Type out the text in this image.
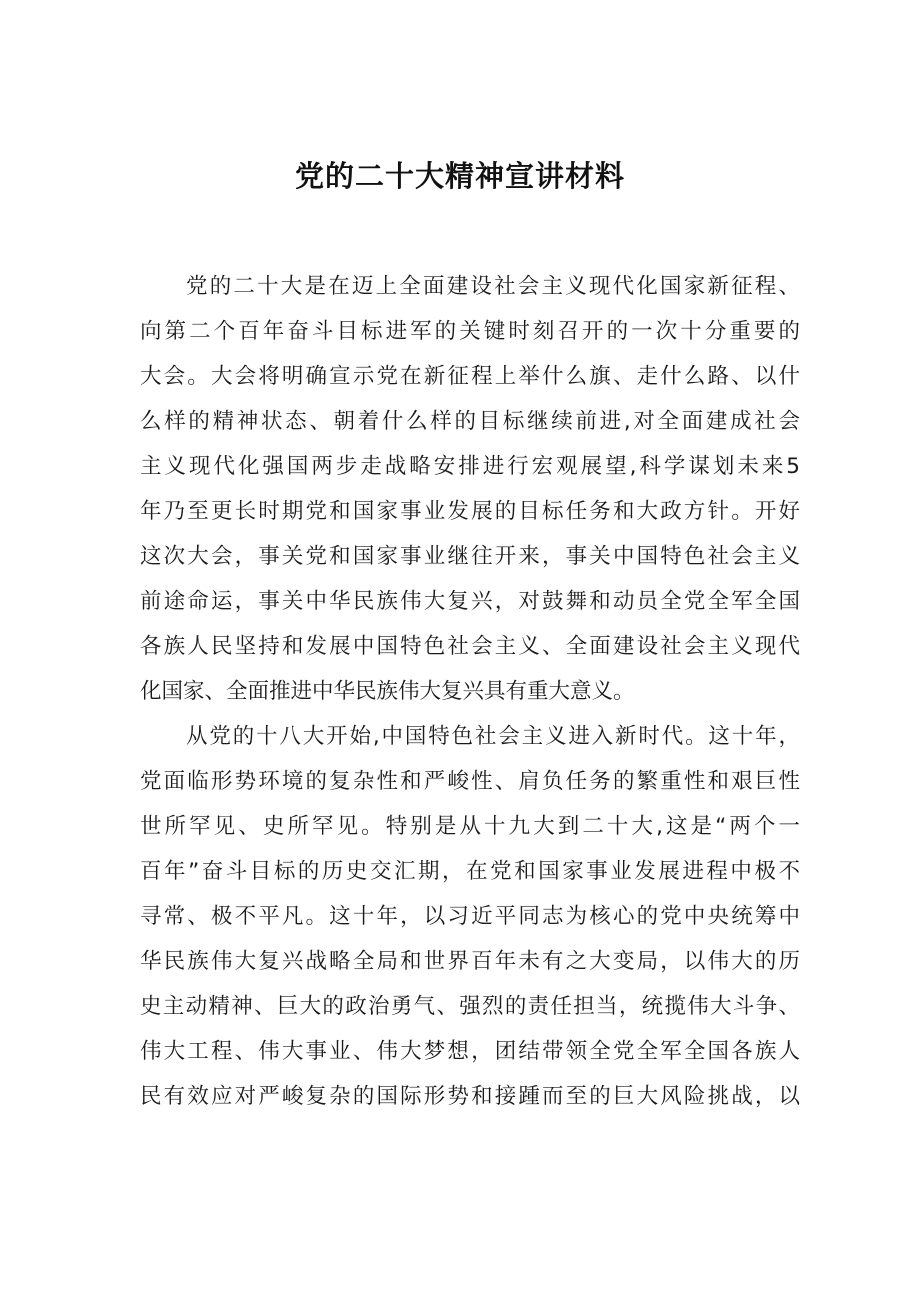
党的二十大精神宣讲材料
党的二十大是在迈上全面建设社会主义现代化国家新征程、
向第二个百年奋斗目标进军的关键时刻召开的一次十分重要的
大会。大会将明确宣示党在新征程上举什么旗、走什么路、以什
么样的精神状态、朝着什么样的目标继续前进,对全面建成社会
主义现代化强国两步走战略安排进行宏观展望,科学谋划未来5
年乃至更长时期党和国家事业发展的目标任务和大政方针。开好
这次大会，事关党和国家事业继往开来，事关中国特色社会主义
前途命运，事关中华民族伟大复兴，对鼓舞和动员全党全军全国
各族人民坚持和发展中国特色社会主义、全面建设社会主义现代
化国家、全面推进中华民族伟大复兴具有重大意义。
从党的十八大开始,中国特色社会主义进入新时代。这十年，
党面临形势环境的复杂性和严峻性、肩负任务的繁重性和艰巨性
世所罕见、史所罕见。特别是从十九大到二十大,这是“两个一
百年”奋斗目标的历史交汇期，在党和国家事业发展进程中极不
寻常、极不平凡。这十年，以习近平同志为核心的党中央统筹中
华民族伟大复兴战略全局和世界百年未有之大变局，以伟大的历
史主动精神、巨大的政治勇气、强烈的责任担当，统揽伟大斗争、
伟大工程、伟大事业、伟大梦想，团结带领全党全军全国各族人
民有效应对严峻复杂的国际形势和接踵而至的巨大风险挑战，以
